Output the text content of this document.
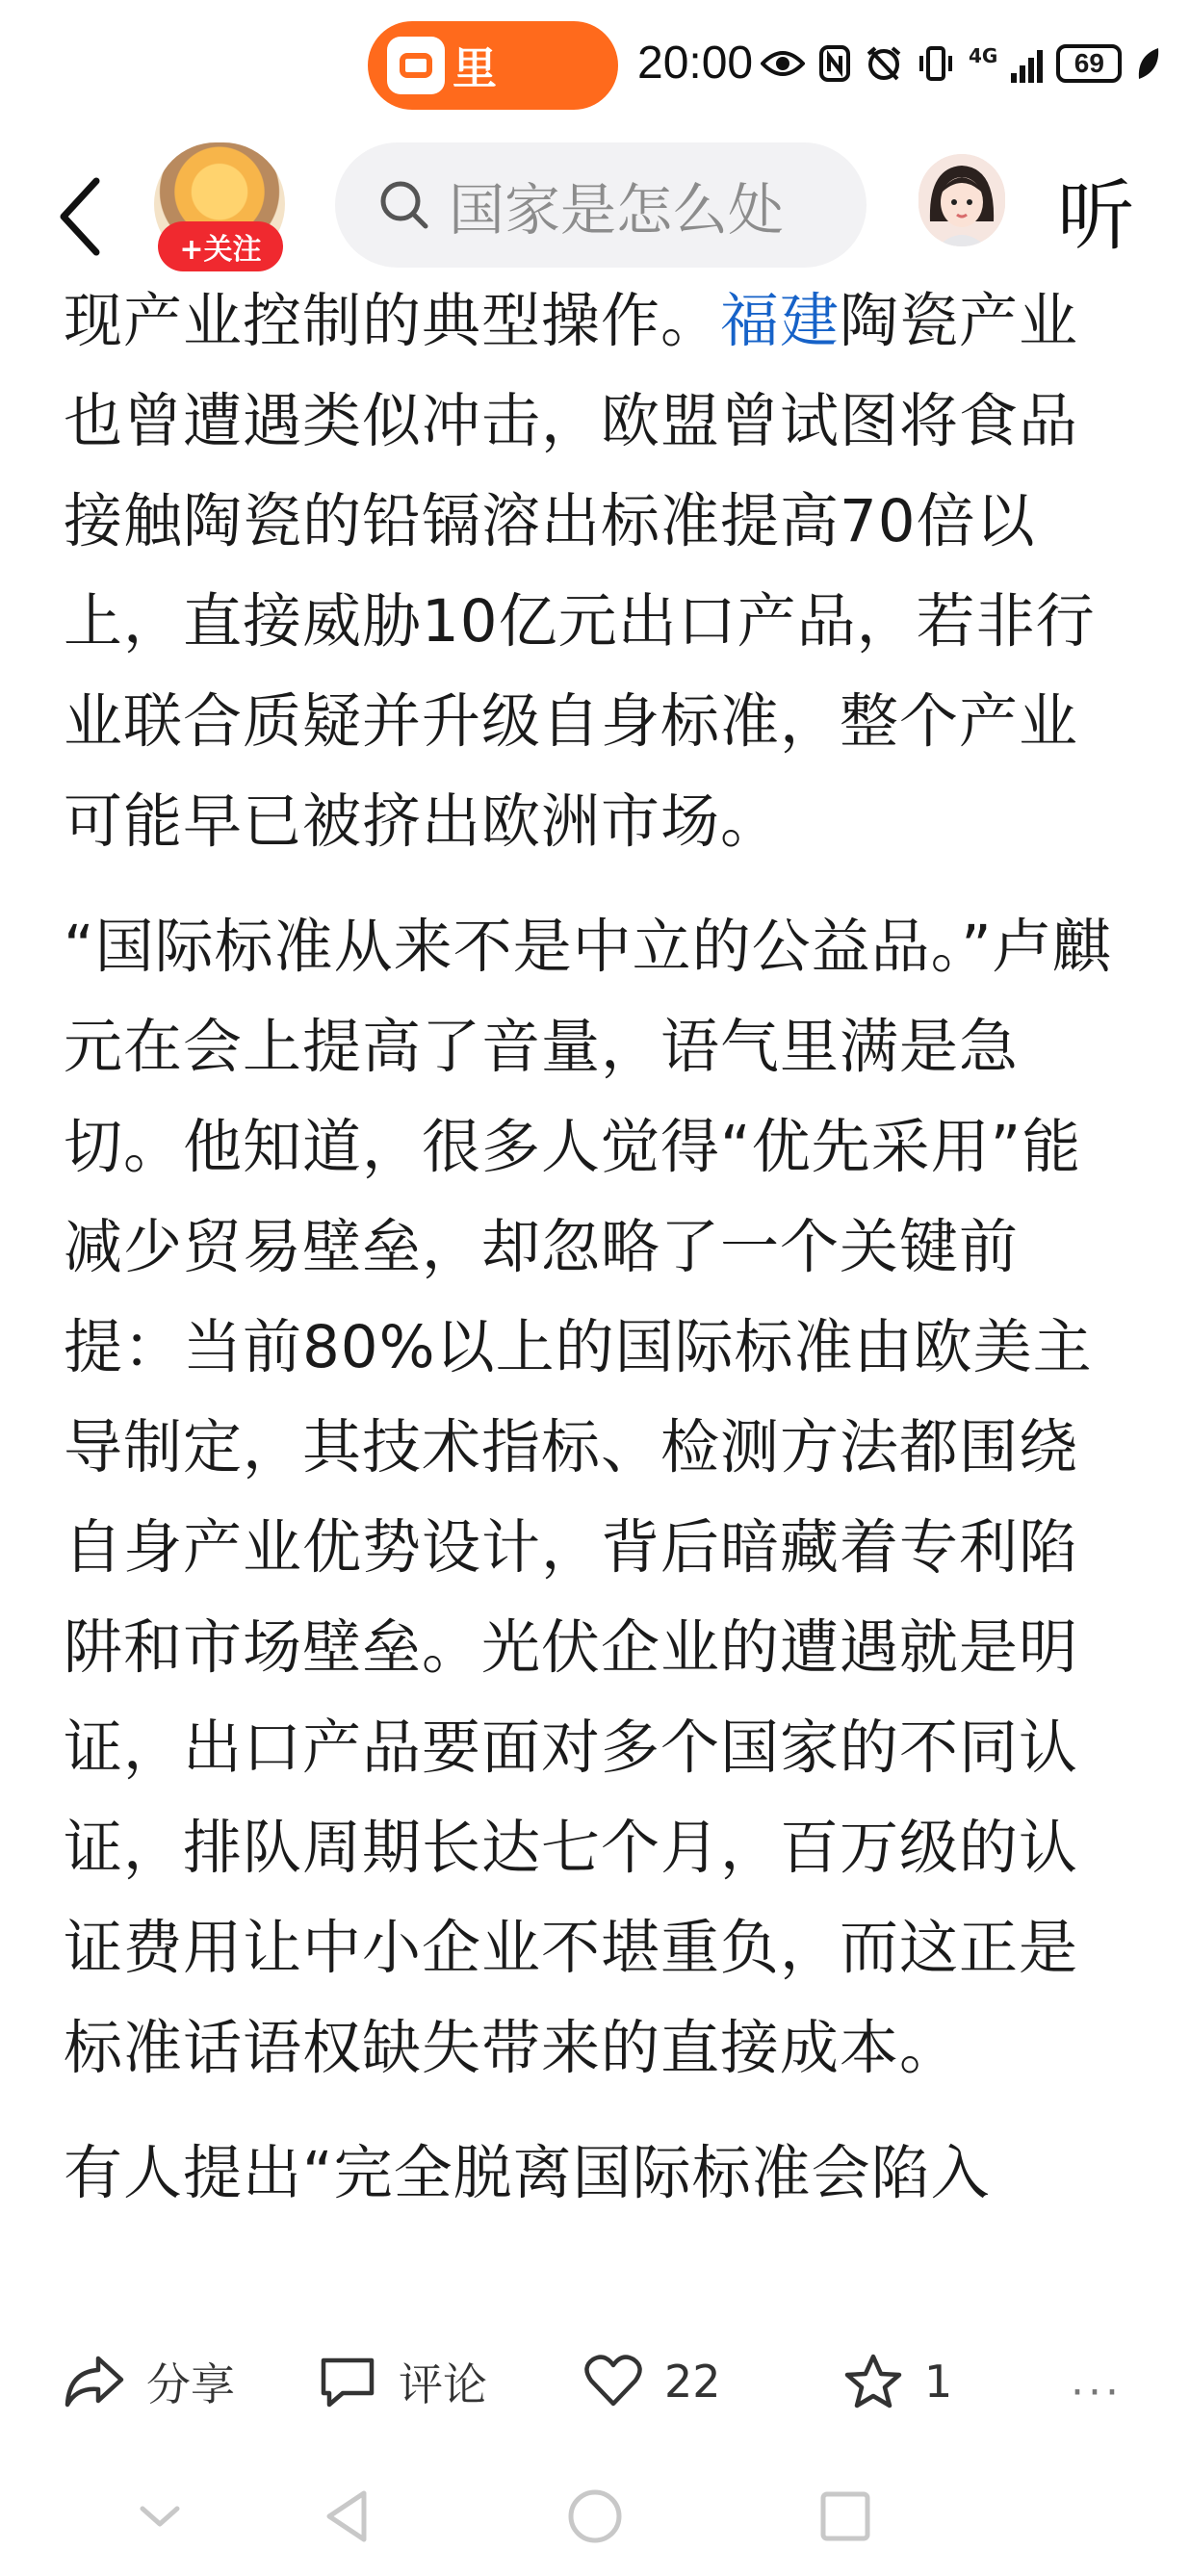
里	20:00	4G	69
+关注
国家是怎么处	听

现产业控制的典型操作。福建陶瓷产业也曾遭遇类似冲击，欧盟曾试图将食品接触陶瓷的铅镉溶出标准提高70倍以上，直接威胁10亿元出口产品，若非行业联合质疑并升级自身标准，整个产业可能早已被挤出欧洲市场。

“国际标准从来不是中立的公益品。”卢麒元在会上提高了音量，语气里满是急切。他知道，很多人觉得“优先采用”能减少贸易壁垒，却忽略了一个关键前提：当前80%以上的国际标准由欧美主导制定，其技术指标、检测方法都围绕自身产业优势设计，背后暗藏着专利陷阱和市场壁垒。光伏企业的遭遇就是明证，出口产品要面对多个国家的不同认证，排队周期长达七个月，百万级的认证费用让中小企业不堪重负，而这正是标准话语权缺失带来的直接成本。

有人提出“完全脱离国际标准会陷入

分享	评论	22	1	···
